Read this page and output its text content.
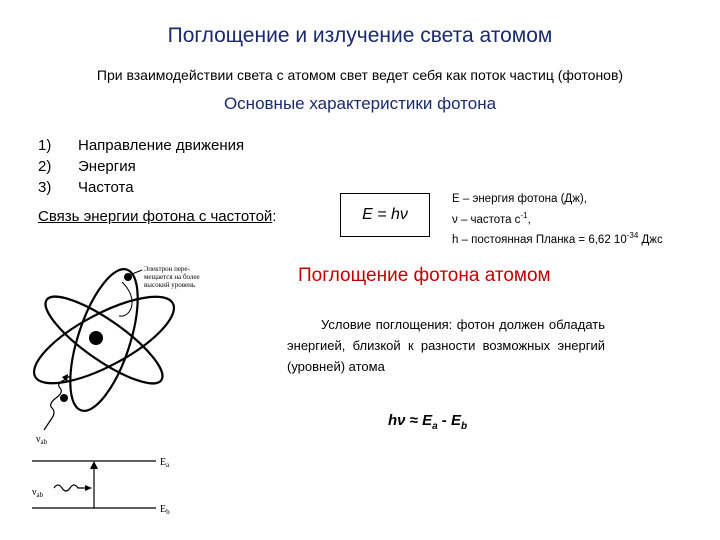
Поглощение и излучение света атомом
При взаимодействии света с атомом свет ведет себя как поток частиц (фотонов)
Основные характеристики фотона
1) Направление движения
2) Энергия
3) Частота
Связь энергии фотона с частотой:	E = hν
E – энергия фотона (Дж),
ν – частота $с^{-1}$,
h – постоянная Планка = 6,62 $10^{-34}$ Джс
Поглощение фотона атомом
Условие поглощения: фотон должен обладать энергией, близкой к разности возможных энергий (уровней) атома
$h\nu \approx E_a - E_b$
Электрон пере-
мещается на более
высокий уровень
$\nu_{ab}$
$E_a$
$E_b$
$\nu_{ab}$
